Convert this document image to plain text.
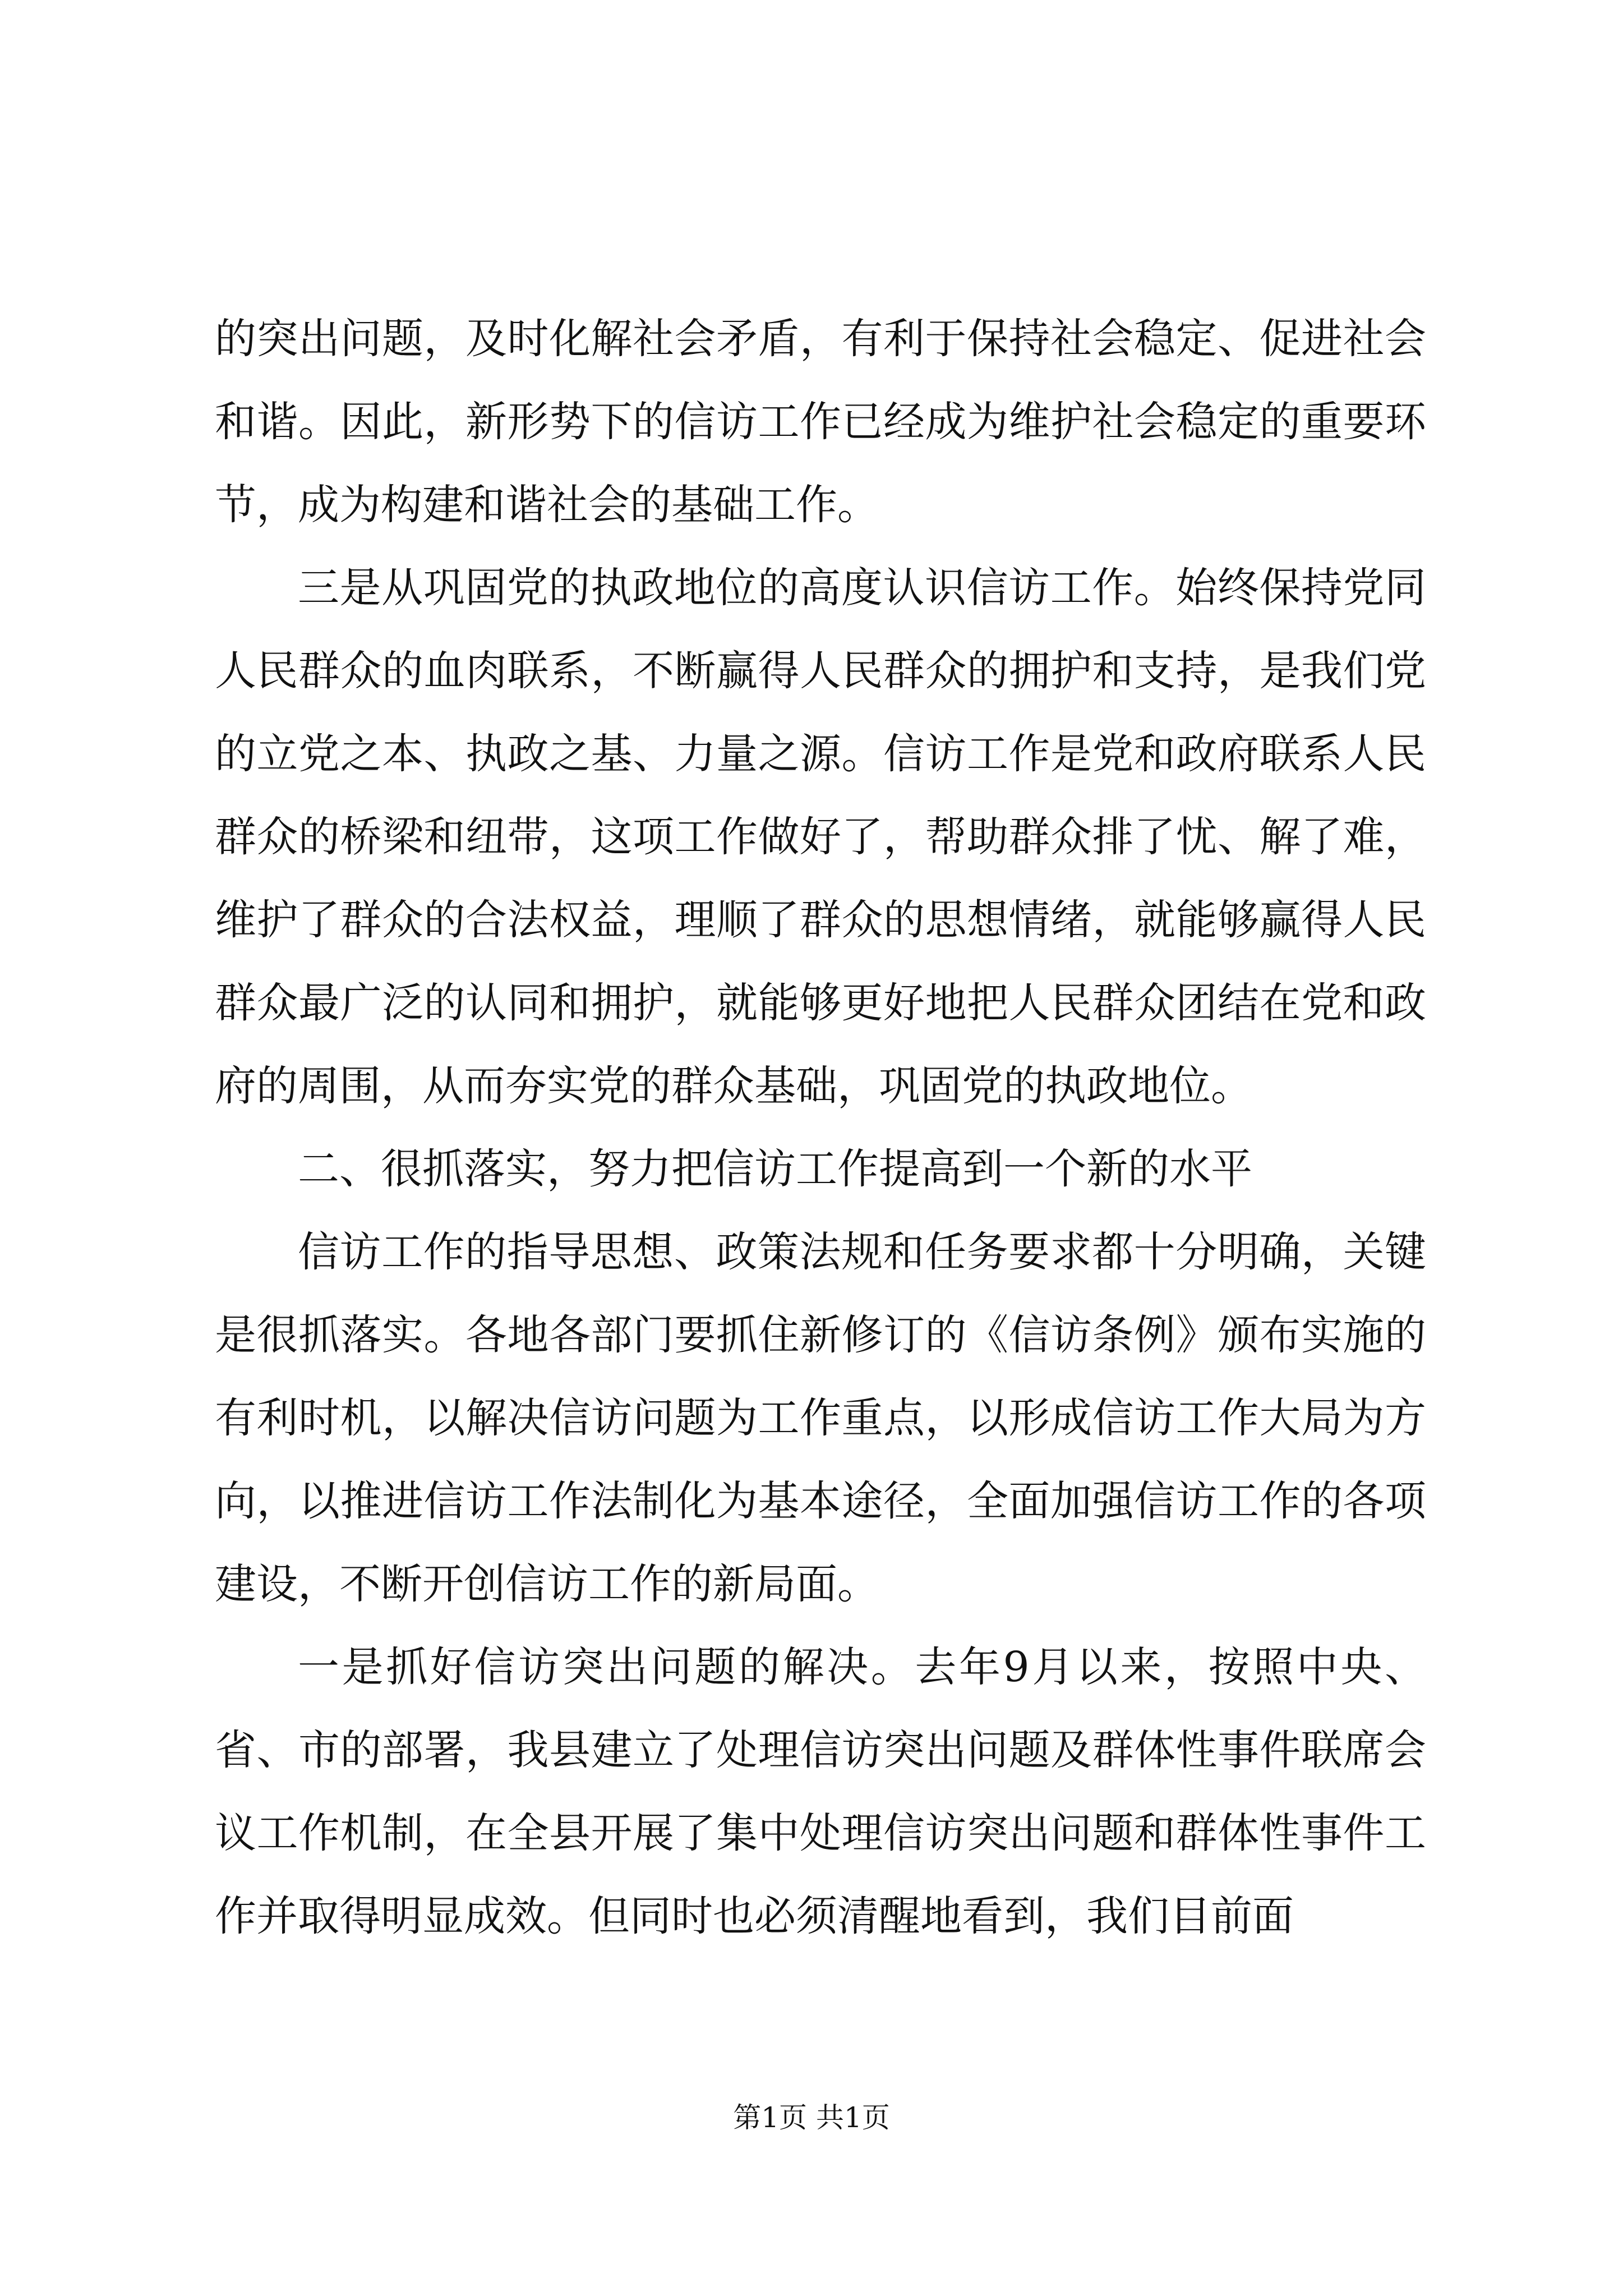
的突出问题，及时化解社会矛盾，有利于保持社会稳定、促进社会和谐。因此，新形势下的信访工作已经成为维护社会稳定的重要环节，成为构建和谐社会的基础工作。

三是从巩固党的执政地位的高度认识信访工作。始终保持党同人民群众的血肉联系，不断赢得人民群众的拥护和支持，是我们党的立党之本、执政之基、力量之源。信访工作是党和政府联系人民群众的桥梁和纽带，这项工作做好了，帮助群众排了忧、解了难，维护了群众的合法权益，理顺了群众的思想情绪，就能够赢得人民群众最广泛的认同和拥护，就能够更好地把人民群众团结在党和政府的周围，从而夯实党的群众基础，巩固党的执政地位。

二、很抓落实，努力把信访工作提高到一个新的水平

信访工作的指导思想、政策法规和任务要求都十分明确，关键是很抓落实。各地各部门要抓住新修订的《信访条例》颁布实施的有利时机，以解决信访问题为工作重点，以形成信访工作大局为方向，以推进信访工作法制化为基本途径，全面加强信访工作的各项建设，不断开创信访工作的新局面。

一是抓好信访突出问题的解决。去年9月以来，按照中央、省、市的部署，我县建立了处理信访突出问题及群体性事件联席会议工作机制，在全县开展了集中处理信访突出问题和群体性事件工作并取得明显成效。但同时也必须清醒地看到，我们目前面

第1页 共1页
